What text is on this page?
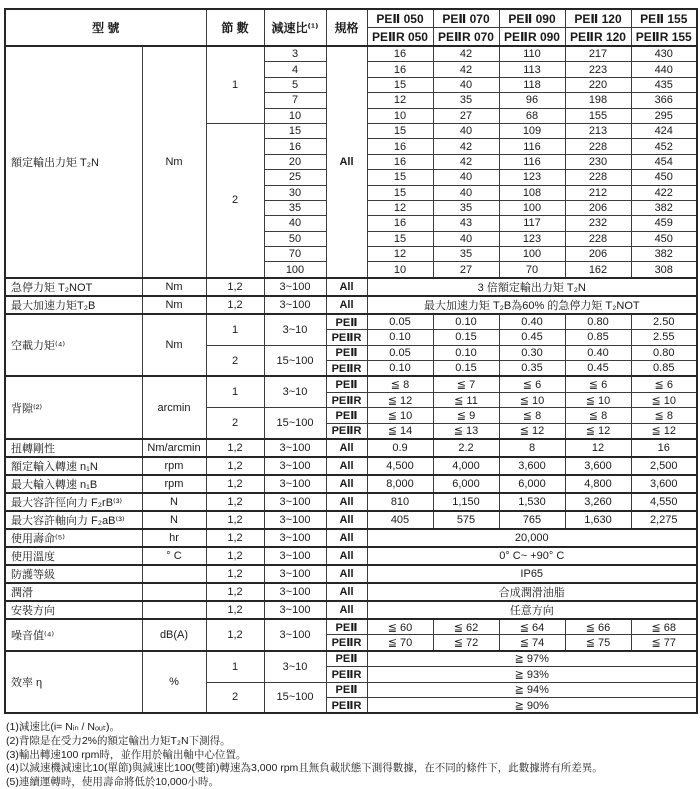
型 號		節 數	減速比⁽¹⁾	規格	PEⅡ 050	PEⅡ 070	PEⅡ 090	PEⅡ 120	PEⅡ 155
					PEⅡR 050	PEⅡR 070	PEⅡR 090	PEⅡR 120	PEⅡR 155
額定輸出力矩 T₂N	Nm	1	3	All	16	42	110	217	430
			4		16	42	113	223	440
			5		15	40	118	220	435
			7		12	35	96	198	366
			10		10	27	68	155	295
		2	15		15	40	109	213	424
			16		16	42	116	228	452
			20		16	42	116	230	454
			25		15	40	123	228	450
			30		15	40	108	212	422
			35		12	35	100	206	382
			40		16	43	117	232	459
			50		15	40	123	228	450
			70		12	35	100	206	382
			100		10	27	70	162	308
急停力矩 T₂NOT	Nm	1,2	3~100	All	3 倍額定輸出力矩 T₂N				
最大加速力矩T₂B	Nm	1,2	3~100	All	最大加速力矩 T₂B為60% 的急停力矩 T₂NOT				
空載力矩⁽⁴⁾	Nm	1	3~10	PEⅡ	0.05	0.10	0.40	0.80	2.50
				PEⅡR	0.10	0.15	0.45	0.85	2.55
		2	15~100	PEⅡ	0.05	0.10	0.30	0.40	0.80
				PEⅡR	0.10	0.15	0.35	0.45	0.85
背隙⁽²⁾	arcmin	1	3~10	PEⅡ	≦ 8	≦ 7	≦ 6	≦ 6	≦ 6
				PEⅡR	≦ 12	≦ 11	≦ 10	≦ 10	≦ 10
		2	15~100	PEⅡ	≦ 10	≦ 9	≦ 8	≦ 8	≦ 8
				PEⅡR	≦ 14	≦ 13	≦ 12	≦ 12	≦ 12
扭轉剛性	Nm/arcmin	1,2	3~100	All	0.9	2.2	8	12	16
額定輸入轉速 n₁N	rpm	1,2	3~100	All	4,500	4,000	3,600	3,600	2,500
最大輸入轉速 n₁B	rpm	1,2	3~100	All	8,000	6,000	6,000	4,800	3,600
最大容許徑向力 F₂rB⁽³⁾	N	1,2	3~100	All	810	1,150	1,530	3,260	4,550
最大容許軸向力 F₂aB⁽³⁾	N	1,2	3~100	All	405	575	765	1,630	2,275
使用壽命⁽⁵⁾	hr	1,2	3~100	All	20,000				
使用溫度	° C	1,2	3~100	All	0° C~ +90° C				
防護等級		1,2	3~100	All	IP65				
潤滑		1,2	3~100	All	合成潤滑油脂				
安裝方向		1,2	3~100	All	任意方向				
噪音值⁽⁴⁾	dB(A)	1,2	3~100	PEⅡ	≦ 60	≦ 62	≦ 64	≦ 66	≦ 68
				PEⅡR	≦ 70	≦ 72	≦ 74	≦ 75	≦ 77
效率 η	%	1	3~10	PEⅡ	≧ 97%				
				PEⅡR	≧ 93%				
		2	15~100	PEⅡ	≧ 94%				
				PEⅡR	≧ 90%				
(1)減速比(i= Nᵢₙ / Nₒᵤₜ)。
(2)背隙是在受力2%的額定輸出力矩T₂N下測得。
(3)輸出轉速100 rpm時，並作用於輸出軸中心位置。
(4)以減速機減速比10(單節)與減速比100(雙節)轉速為3,000 rpm且無負載狀態下測得數據，在不同的條件下，此數據將有所差異。
(5)連續運轉時，使用壽命將低於10,000小時。
